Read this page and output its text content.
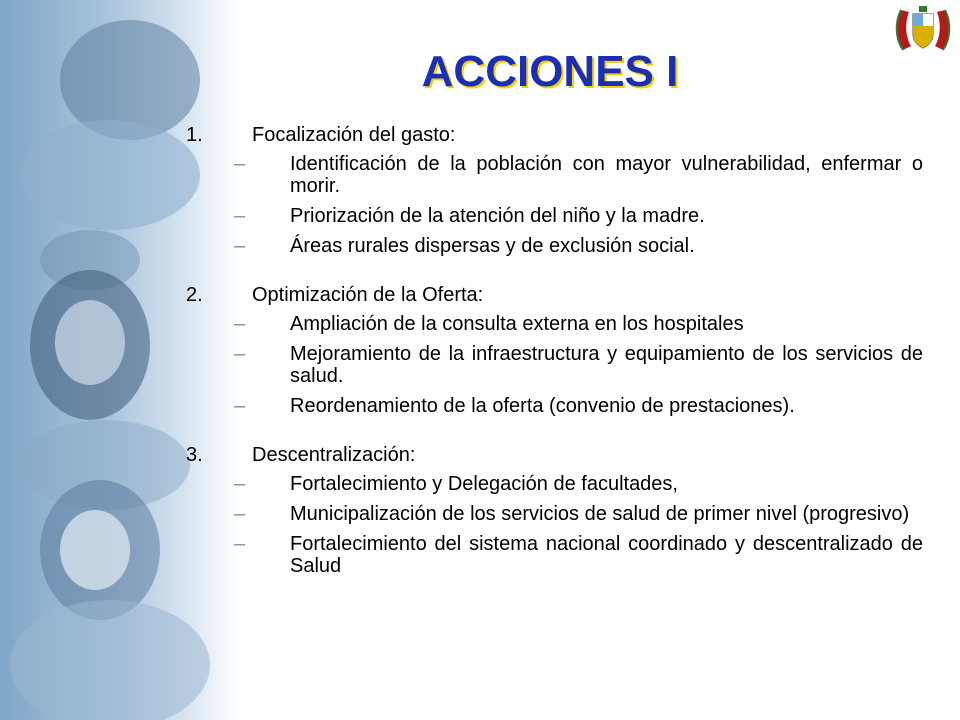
ACCIONES I
1.	Focalización del gasto:
–	Identificación de la población con mayor vulnerabilidad, enfermar o morir.
–	Priorización de la atención del niño y la madre.
–	Áreas rurales dispersas y de exclusión social.
2.	Optimización de la Oferta:
–	Ampliación de la consulta externa en los hospitales
–	Mejoramiento de la infraestructura y equipamiento de los servicios de salud.
–	Reordenamiento de la oferta (convenio de prestaciones).
3.	Descentralización:
–	Fortalecimiento y Delegación de facultades,
–	Municipalización de los servicios de salud de primer nivel (progresivo)
–	Fortalecimiento del sistema nacional coordinado y descentralizado de Salud
